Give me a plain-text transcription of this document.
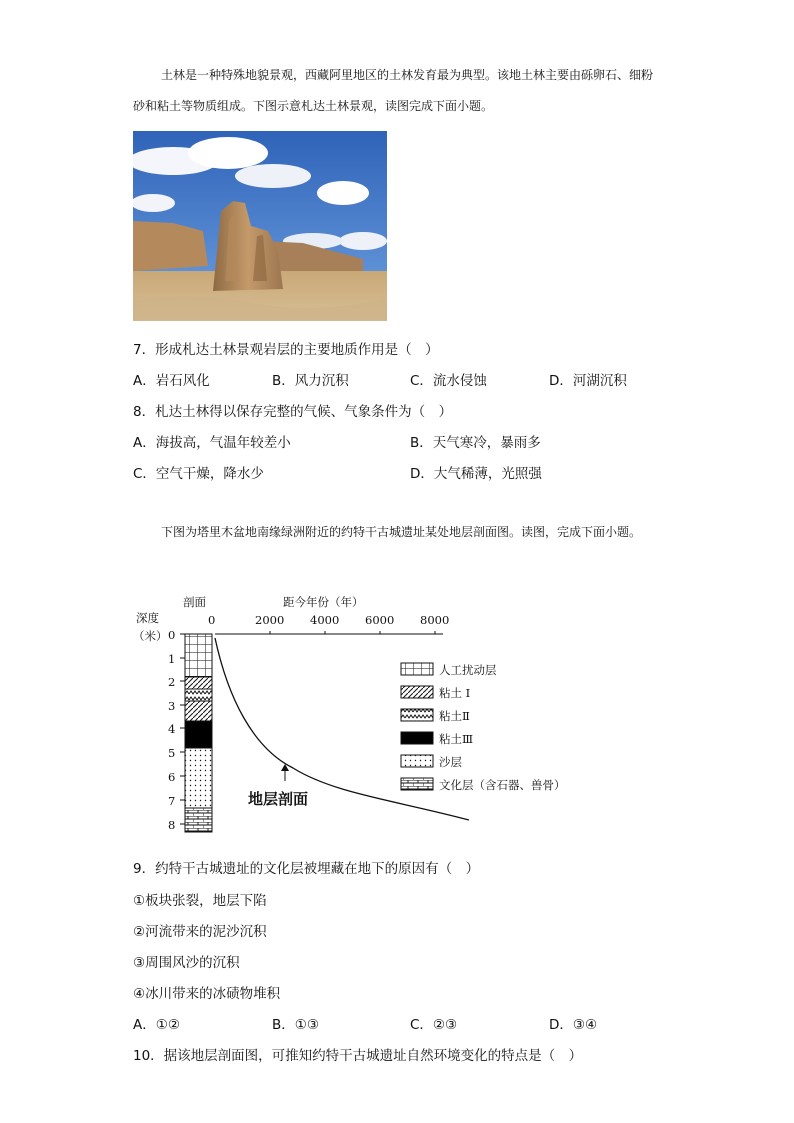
土林是一种特殊地貌景观，西藏阿里地区的土林发育最为典型。该地土林主要由砾卵石、细粉砂和粘土等物质组成。下图示意札达土林景观，读图完成下面小题。
7．形成札达土林景观岩层的主要地质作用是（　）
A．岩石风化	B．风力沉积	C．流水侵蚀	D．河湖沉积
8．札达土林得以保存完整的气候、气象条件为（　）
A．海拔高，气温年较差小	B．天气寒冷，暴雨多
C．空气干燥，降水少	D．大气稀薄，光照强
下图为塔里木盆地南缘绿洲附近的约特干古城遗址某处地层剖面图。读图，完成下面小题。
剖面	距今年份（年）
深度
（米）
0	2000 4000 6000 8000
0
1
2
3
4
5
6
7
8
地层剖面
人工扰动层
粘土 I
粘土Ⅱ
粘土Ⅲ
沙层
文化层（含石器、兽骨）
9．约特干古城遗址的文化层被埋藏在地下的原因有（　）
①板块张裂，地层下陷
②河流带来的泥沙沉积
③周围风沙的沉积
④冰川带来的冰碛物堆积
A．①②	B．①③	C．②③	D．③④
10．据该地层剖面图，可推知约特干古城遗址自然环境变化的特点是（　）
